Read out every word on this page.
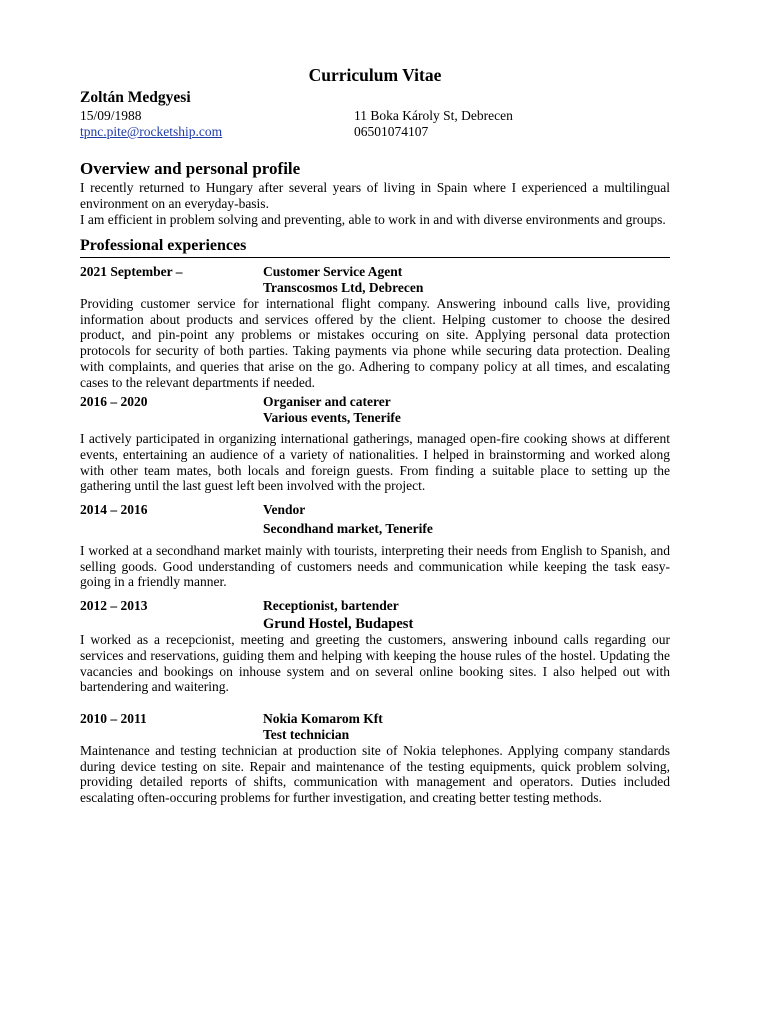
Curriculum Vitae
Zoltán Medgyesi
15/09/1988	11 Boka Károly St, Debrecen
tpnc.pite@rocketship.com	06501074107
Overview and personal profile
I recently returned to Hungary after several years of living in Spain where I experienced a multilingual environment on an everyday-basis.
I am efficient in problem solving and preventing, able to work in and with diverse environments and groups.
Professional experiences
2021 September –	Customer Service Agent
Transcosmos Ltd, Debrecen
Providing customer service for international flight company. Answering inbound calls live, providing information about products and services offered by the client. Helping customer to choose the desired product, and pin-point any problems or mistakes occuring on site. Applying personal data protection protocols for security of both parties. Taking payments via phone while securing data protection. Dealing with complaints, and queries that arise on the go. Adhering to company policy at all times, and escalating cases to the relevant departments if needed.
2016 – 2020	Organiser and caterer
Various events, Tenerife
I actively participated in organizing international gatherings, managed open-fire cooking shows at different events, entertaining an audience of a variety of nationalities. I helped in brainstorming and worked along with other team mates, both locals and foreign guests. From finding a suitable place to setting up the gathering until the last guest left been involved with the project.
2014 – 2016	Vendor
Secondhand market, Tenerife
I worked at a secondhand market mainly with tourists, interpreting their needs from English to Spanish, and selling goods. Good understanding of customers needs and communication while keeping the task easy-going in a friendly manner.
2012 – 2013	Receptionist, bartender
Grund Hostel, Budapest
I worked as a recepcionist, meeting and greeting the customers, answering inbound calls regarding our services and reservations, guiding them and helping with keeping the house rules of the hostel. Updating the vacancies and bookings on inhouse system and on several online booking sites. I also helped out with bartendering and waitering.
2010 – 2011	Nokia Komarom Kft
Test technician
Maintenance and testing technician at production site of Nokia telephones. Applying company standards during device testing on site. Repair and maintenance of the testing equipments, quick problem solving, providing detailed reports of shifts, communication with management and operators. Duties included escalating often-occuring problems for further investigation, and creating better testing methods.
